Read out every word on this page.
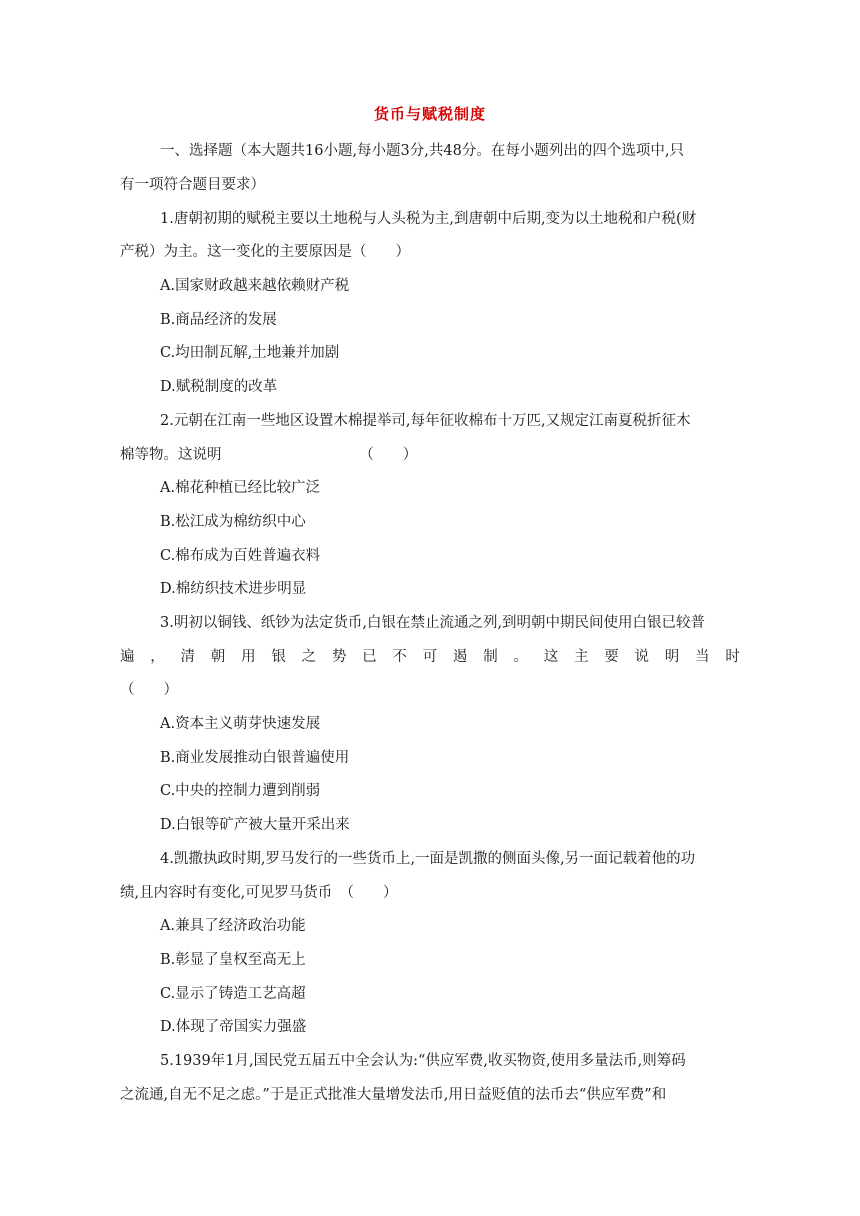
货币与赋税制度
一、选择题（本大题共16小题,每小题3分,共48分。在每小题列出的四个选项中,只
有一项符合题目要求）
1.唐朝初期的赋税主要以土地税与人头税为主,到唐朝中后期,变为以土地税和户税(财
产税）为主。这一变化的主要原因是（　　）
A.国家财政越来越依赖财产税
B.商品经济的发展
C.均田制瓦解,土地兼并加剧
D.赋税制度的改革
2.元朝在江南一些地区设置木棉提举司,每年征收棉布十万匹,又规定江南夏税折征木
棉等物。这说明　　　　　　　　　　（　　）
A.棉花种植已经比较广泛
B.松江成为棉纺织中心
C.棉布成为百姓普遍衣料
D.棉纺织技术进步明显
3.明初以铜钱、纸钞为法定货币,白银在禁止流通之列,到明朝中期民间使用白银已较普
遍 ， 清 朝 用 银 之 势 已 不 可 遏 制 。 这 主 要 说 明 当 时
（　　）
A.资本主义萌芽快速发展
B.商业发展推动白银普遍使用
C.中央的控制力遭到削弱
D.白银等矿产被大量开采出来
4.凯撒执政时期,罗马发行的一些货币上,一面是凯撒的侧面头像,另一面记载着他的功
绩,且内容时有变化,可见罗马货币　（　　）
A.兼具了经济政治功能
B.彰显了皇权至高无上
C.显示了铸造工艺高超
D.体现了帝国实力强盛
5.1939年1月,国民党五届五中全会认为:“供应军费,收买物资,使用多量法币,则筹码
之流通,自无不足之虑。”于是正式批准大量增发法币,用日益贬值的法币去“供应军费”和
